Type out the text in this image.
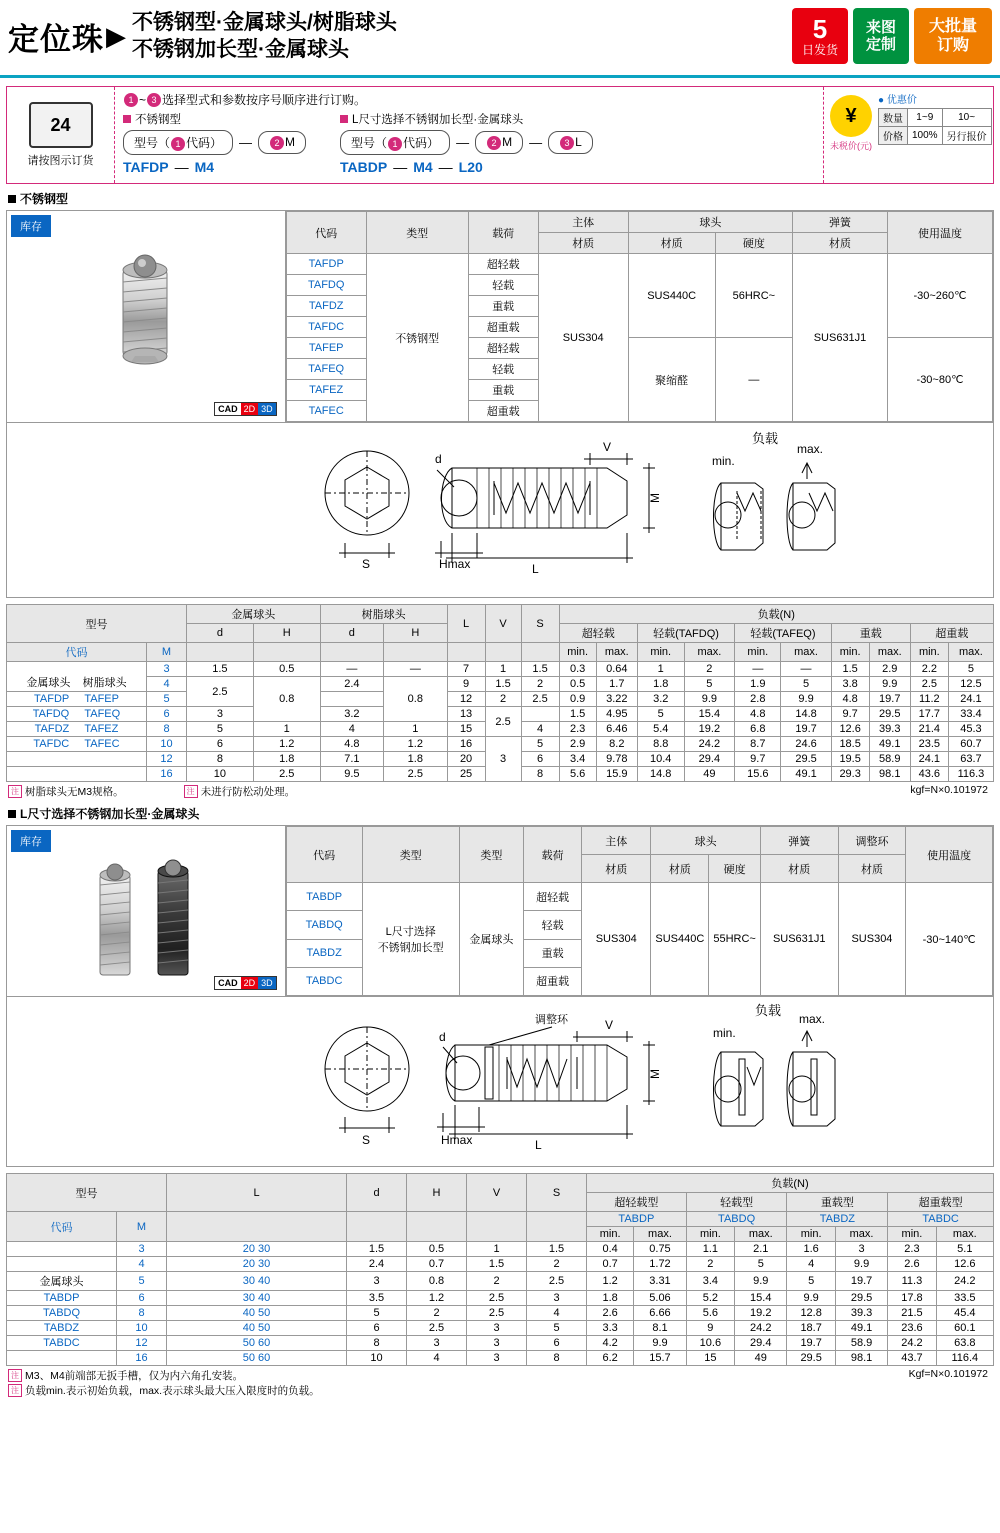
定位珠 ▶ 不锈钢型·金属球头/树脂球头
不锈钢加长型·金属球头
5
日发货
来图
定制
大批量
订购
24
请按图示订货
1 ~ 3 选择型式和参数按序号顺序进行订购。
不锈钢型
型号（ 1 代码）	—	2 M
TAFDP — M4
L尺寸选择不锈钢加长型·金属球头
型号（ 1 代码）	—	2 M	—	3 L
TABDP — M4 — L20
¥
未税价(元)
● 优惠价
数量	1~9	10~
价格	100%	另行报价
不锈钢型
库存
CAD 2D 3D
代码	类型	载荷	主体	球头		弹簧	使用温度
			材质	材质	硬度	材质	
TAFDP	不锈钢型	超轻载	SUS304	SUS440C	56HRC~	SUS631J1	-30~260℃
TAFDQ		轻载					
TAFDZ		重载					
TAFDC		超重载					
TAFEP		超轻载		聚缩醛	—		-30~80℃
TAFEQ		轻载					
TAFEZ		重载					
TAFEC		超重载					
S
d
V
M
Hmax	L
负载
min.
max.
型号		金属球头		树脂球头		L	V	S	负载(N)									
		d	H	d	H				超轻载		轻载(TAFDQ)		轻载(TAFEQ)		重载		超重载	
代码	M								min.	max.	min.	max.	min.	max.	min.	max.	min.	max.
金属球头 树脂球头	3	1.5	0.5	—	—	7	1	1.5	0.3	0.64	1	2	—	—	1.5	2.9	2.2	5
	4	2.5	0.8	2.4	0.8	9	1.5	2	0.5	1.7	1.8	5	1.9	5	3.8	9.9	2.5	12.5
TAFDP TAFEP	5					12	2	2.5	0.9	3.22	3.2	9.9	2.8	9.9	4.8	19.7	11.2	24.1
TAFDQ TAFEQ	6	3		3.2		13	2.5		1.5	4.95	5	15.4	4.8	14.8	9.7	29.5	17.7	33.4
TAFDZ TAFEZ	8	5	1	4	1	15		4	2.3	6.46	5.4	19.2	6.8	19.7	12.6	39.3	21.4	45.3
TAFDC TAFEC	10	6	1.2	4.8	1.2	16	3	5	2.9	8.2	8.8	24.2	8.7	24.6	18.5	49.1	23.5	60.7
	12	8	1.8	7.1	1.8	20		6	3.4	9.78	10.4	29.4	9.7	29.5	19.5	58.9	24.1	63.7
	16	10	2.5	9.5	2.5	25		8	5.6	15.9	14.8	49	15.6	49.1	29.3	98.1	43.6	116.3
注 树脂球头无M3规格。	注 未进行防松动处理。	kgf=N×0.101972
L尺寸选择不锈钢加长型·金属球头
库存
CAD 2D 3D
代码	类型	类型	载荷	主体	球头		弹簧	调整环	使用温度
				材质	材质	硬度	材质	材质	
TABDP	L尺寸选择
不锈钢加长型	金属球头	超轻载	SUS304	SUS440C	55HRC~	SUS631J1	SUS304	-30~140℃
TABDQ			轻载						
TABDZ			重载						
TABDC			超重载						
S
d
调整环	V
M
Hmax	L
负载
min.
max.
型号		L	d	H	V	S	负载(N)							
							超轻载型		轻载型		重载型		超重载型	
代码	M						TABDP		TABDQ		TABDZ		TABDC	
							min.	max.	min.	max.	min.	max.	min.	max.
	3	20 30	1.5	0.5	1	1.5	0.4	0.75	1.1	2.1	1.6	3	2.3	5.1
	4	20 30	2.4	0.7	1.5	2	0.7	1.72	2	5	4	9.9	2.6	12.6
金属球头	5	30 40	3	0.8	2	2.5	1.2	3.31	3.4	9.9	5	19.7	11.3	24.2
TABDP	6	30 40	3.5	1.2	2.5	3	1.8	5.06	5.2	15.4	9.9	29.5	17.8	33.5
TABDQ	8	40 50	5	2	2.5	4	2.6	6.66	5.6	19.2	12.8	39.3	21.5	45.4
TABDZ	10	40 50	6	2.5	3	5	3.3	8.1	9	24.2	18.7	49.1	23.6	60.1
TABDC	12	50 60	8	3	3	6	4.2	9.9	10.6	29.4	19.7	58.9	24.2	63.8
	16	50 60	10	4	3	8	6.2	15.7	15	49	29.5	98.1	43.7	116.4
注 M3、M4前端部无扳手槽，仅为内六角孔安装。
注 负载min.表示初始负载，max.表示球头最大压入限度时的负载。
Kgf=N×0.101972
